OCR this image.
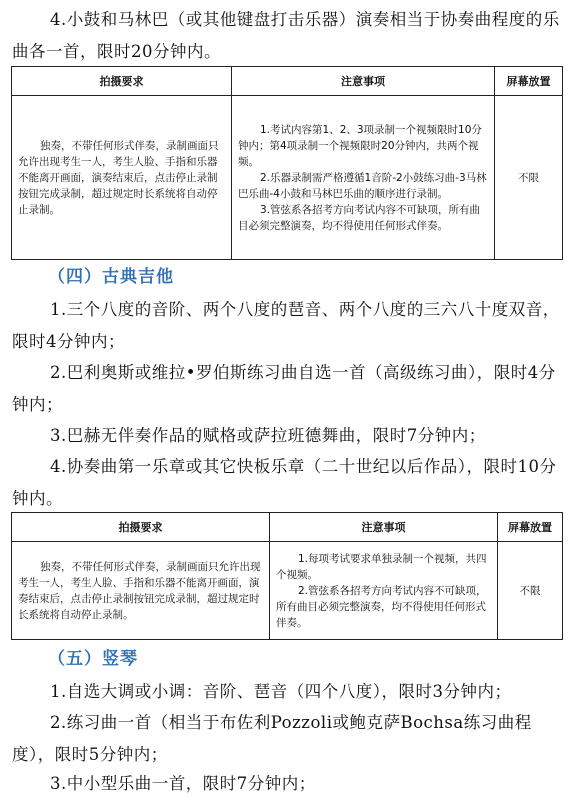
4.小鼓和马林巴（或其他键盘打击乐器）演奏相当于协奏曲程度的乐曲各一首，限时20分钟内。

拍摄要求	注意事项	屏幕放置

独奏，不带任何形式伴奏，录制画面只允许出现考生一人，考生人脸、手指和乐器不能离开画面，演奏结束后，点击停止录制按钮完成录制，超过规定时长系统将自动停止录制。	1.考试内容第1、2、3项录制一个视频限时10分钟内；第4项录制一个视频限时20分钟内，共两个视频。

2.乐器录制需严格遵循1音阶-2小鼓练习曲-3马林巴乐曲-4小鼓和马林巴乐曲的顺序进行录制。

3.管弦系各招考方向考试内容不可缺项，所有曲目必须完整演奏，均不得使用任何形式伴奏。	不限
（四）古典吉他

1.三个八度的音阶、两个八度的琶音、两个八度的三六八十度双音，限时4分钟内；

2.巴利奥斯或维拉•罗伯斯练习曲自选一首（高级练习曲），限时4分钟内；

3.巴赫无伴奏作品的赋格或萨拉班德舞曲，限时7分钟内；

4.协奏曲第一乐章或其它快板乐章（二十世纪以后作品），限时10分钟内。

拍摄要求	注意事项	屏幕放置

独奏，不带任何形式伴奏，录制画面只允许出现考生一人，考生人脸、手指和乐器不能离开画面，演奏结束后，点击停止录制按钮完成录制，超过规定时长系统将自动停止录制。	1.每项考试要求单独录制一个视频，共四个视频。

2.管弦系各招考方向考试内容不可缺项，所有曲目必须完整演奏，均不得使用任何形式伴奏。	不限
（五）竖琴

1.自选大调或小调：音阶、琶音（四个八度），限时3分钟内；

2.练习曲一首（相当于布佐利Pozzoli或鲍克萨Bochsa练习曲程度），限时5分钟内；

3.中小型乐曲一首，限时7分钟内；
